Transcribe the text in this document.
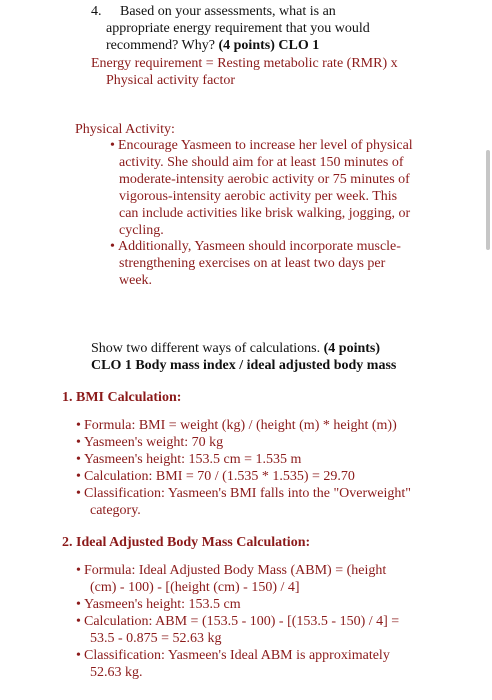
4. Based on your assessments, what is an
appropriate energy requirement that you would
recommend? Why? (4 points) CLO 1
Energy requirement = Resting metabolic rate (RMR) x
Physical activity factor
Physical Activity:
• Encourage Yasmeen to increase her level of physical
activity. She should aim for at least 150 minutes of
moderate-intensity aerobic activity or 75 minutes of
vigorous-intensity aerobic activity per week. This
can include activities like brisk walking, jogging, or
cycling.
• Additionally, Yasmeen should incorporate muscle-
strengthening exercises on at least two days per
week.
Show two different ways of calculations. (4 points)
CLO 1 Body mass index / ideal adjusted body mass
1. BMI Calculation:
• Formula: BMI = weight (kg) / (height (m) * height (m))
• Yasmeen's weight: 70 kg
• Yasmeen's height: 153.5 cm = 1.535 m
• Calculation: BMI = 70 / (1.535 * 1.535) = 29.70
• Classification: Yasmeen's BMI falls into the "Overweight"
category.
2. Ideal Adjusted Body Mass Calculation:
• Formula: Ideal Adjusted Body Mass (ABM) = (height
(cm) - 100) - [(height (cm) - 150) / 4]
• Yasmeen's height: 153.5 cm
• Calculation: ABM = (153.5 - 100) - [(153.5 - 150) / 4] =
53.5 - 0.875 = 52.63 kg
• Classification: Yasmeen's Ideal ABM is approximately
52.63 kg.
